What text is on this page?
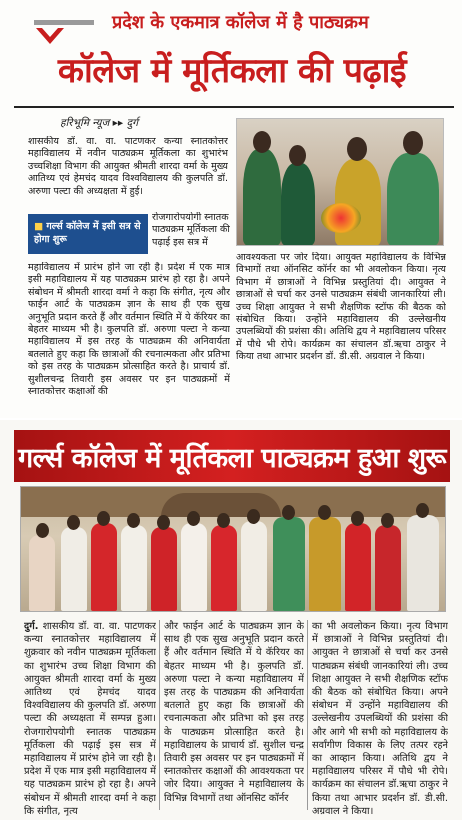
प्रदेश के एकमात्र कॉलेज में है पाठ्यक्रम
कॉलेज में मूर्तिकला की पढ़ाई
हरिभूमि न्यूज ▸▸ दुर्ग
शासकीय डॉ. वा. वा. पाटणकर कन्या स्नातकोत्तर महाविद्यालय में नवीन पाठ्यक्रम मूर्तिकला का शुभारंभ उच्चशिक्षा विभाग की आयुक्त श्रीमती शारदा वर्मा के मुख्य आतिथ्य एवं हेमचंद यादव विश्वविद्यालय की कुलपति डॉ. अरुणा पल्टा की अध्यक्षता में हुई।
■ गर्ल्स कॉलेज में इसी सत्र से होगा शुरू
रोजगारोपयोगी स्नातक पाठ्यक्रम मूर्तिकला की पढ़ाई इस सत्र में
महाविद्यालय में प्रारंभ होने जा रही है। प्रदेश में एक मात्र इसी महाविद्यालय में यह पाठ्यक्रम प्रारंभ हो रहा है। अपने संबोधन में श्रीमती शारदा वर्मा ने कहा कि संगीत, नृत्य और फाईन आर्ट के पाठ्यक्रम ज्ञान के साथ ही एक सुख अनुभूति प्रदान करते हैं और वर्तमान स्थिति में ये कॅरियर का बेहतर माध्यम भी है। कुलपति डॉ. अरुणा पल्टा ने कन्या महाविद्यालय में इस तरह के पाठ्यक्रम की अनिवार्यता बतलाते हुए कहा कि छात्राओं की रचनात्मकता और प्रतिभा को इस तरह के पाठ्यक्रम प्रोत्साहित करते है। प्राचार्य डॉ. सुशीलचन्द्र तिवारी इस अवसर पर इन पाठ्यक्रमों में स्नातकोत्तर कक्षाओं की
आवश्यकता पर जोर दिया। आयुक्त महाविद्यालय के विभिन्न विभागों तथा ऑनसिट कॉर्नर का भी अवलोकन किया। नृत्य विभाग में छात्राओं ने विभिन्न प्रस्तुतियां दी। आयुक्त ने छात्राओं से चर्चा कर उनसे पाठ्यक्रम संबंधी जानकारियां ली। उच्च शिक्षा आयुक्त ने सभी शैक्षणिक स्टॉफ की बैठक को संबोधित किया। उन्होंने महाविद्यालय की उल्लेखनीय उपलब्धियों की प्रशंसा की। अतिथि द्वय ने महाविद्यालय परिसर में पौधे भी रोपे। कार्यक्रम का संचालन डॉ.ऋचा ठाकुर ने किया तथा आभार प्रदर्शन डॉ. डी.सी. अग्रवाल ने किया।
गर्ल्स कॉलेज में मूर्तिकला पाठ्यक्रम हुआ शुरू
दुर्ग. शासकीय डॉ. वा. वा. पाटणकर कन्या स्नातकोत्तर महाविद्यालय में शुक्रवार को नवीन पाठ्यक्रम मूर्तिकला का शुभारंभ उच्च शिक्षा विभाग की आयुक्त श्रीमती शारदा वर्मा के मुख्य आतिथ्य एवं हेमचंद यादव विश्वविद्यालय की कुलपति डॉ. अरुणा पल्टा की अध्यक्षता में सम्पन्न हुआ। रोजगारोपयोगी स्नातक पाठ्यक्रम मूर्तिकला की पढ़ाई इस सत्र में महाविद्यालय में प्रारंभ होने जा रही है। प्रदेश में एक मात्र इसी महाविद्यालय में यह पाठ्यक्रम प्रारंभ हो रहा है। अपने संबोधन में श्रीमती शारदा वर्मा ने कहा कि संगीत, नृत्य
और फाईन आर्ट के पाठ्यक्रम ज्ञान के साथ ही एक सुख अनुभूति प्रदान करते हैं और वर्तमान स्थिति में ये कॅरियर का बेहतर माध्यम भी है। कुलपति डॉ. अरुणा पल्टा ने कन्या महाविद्यालय में इस तरह के पाठ्यक्रम की अनिवार्यता बतलाते हुए कहा कि छात्राओं की रचनात्मकता और प्रतिभा को इस तरह के पाठ्यक्रम प्रोत्साहित करते है। महाविद्यालय के प्राचार्य डॉ. सुशील चन्द्र तिवारी इस अवसर पर इन पाठ्यक्रमों में स्नातकोत्तर कक्षाओं की आवश्यकता पर जोर दिया। आयुक्त ने महाविद्यालय के विभिन्न विभागों तथा ऑनसिट कॉर्नर
का भी अवलोकन किया। नृत्य विभाग में छात्राओं ने विभिन्न प्रस्तुतियां दी। आयुक्त ने छात्राओं से चर्चा कर उनसे पाठ्यक्रम संबंधी जानकारियां ली। उच्च शिक्षा आयुक्त ने सभी शैक्षणिक स्टॉफ की बैठक को संबोधित किया। अपने संबोधन में उन्होंने महाविद्यालय की उल्लेखनीय उपलब्धियों की प्रशंसा की और आगे भी सभी को महाविद्यालय के सर्वांगीण विकास के लिए तत्पर रहने का आव्हान किया। अतिथि द्वय ने महाविद्यालय परिसर में पौधे भी रोपे। कार्यक्रम का संचालन डॉ.ऋचा ठाकुर ने किया तथा आभार प्रदर्शन डॉ. डी.सी. अग्रवाल ने किया।
